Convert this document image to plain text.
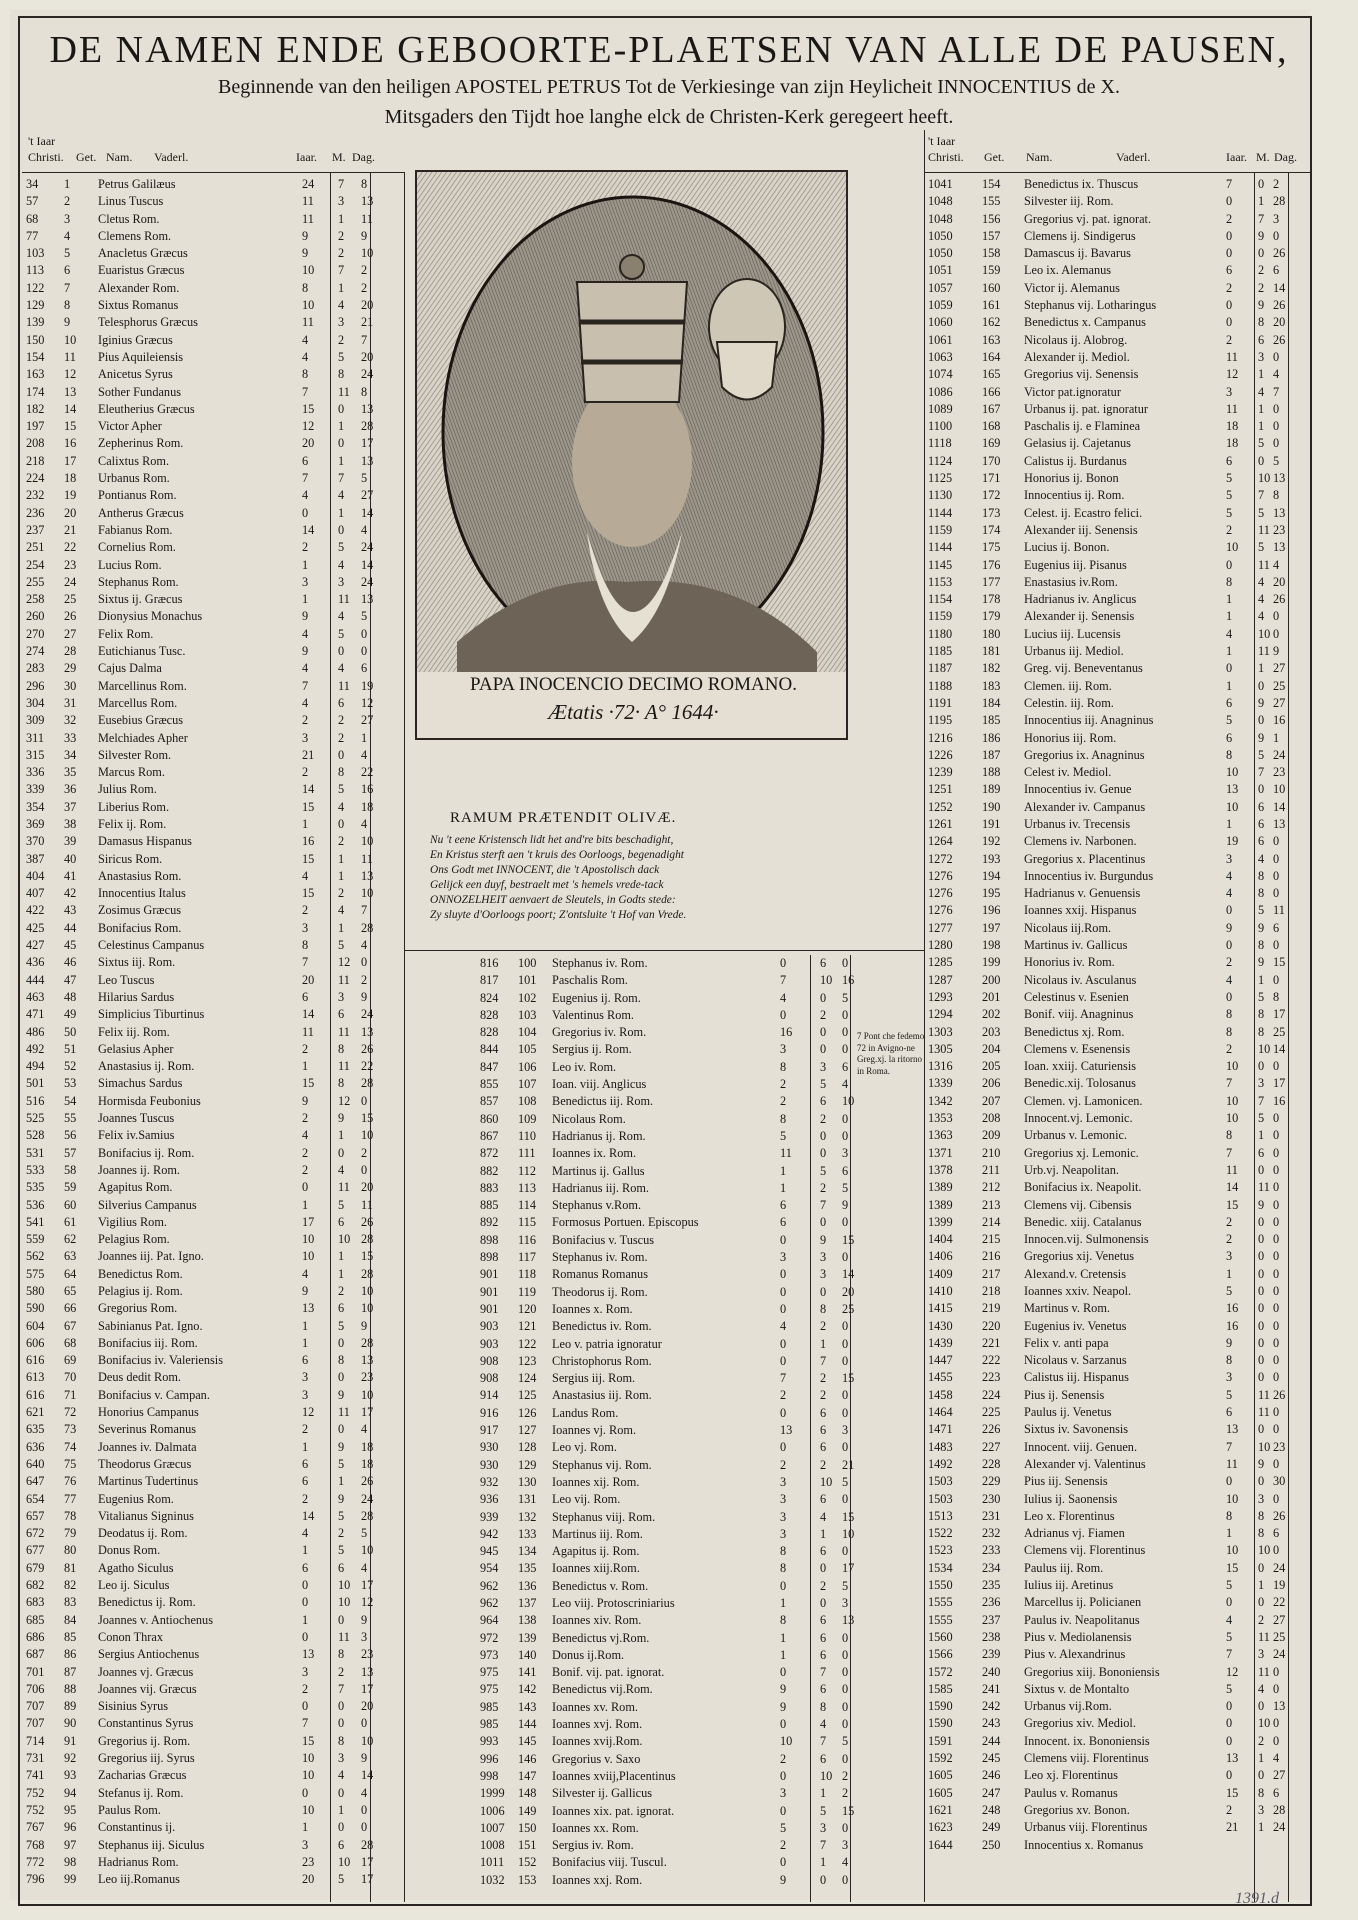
DE NAMEN ENDE GEBOORTE-PLAETSEN VAN ALLE DE PAUSEN,
Beginnende van den heiligen APOSTEL PETRUS Tot de Verkiesinge van zijn Heylicheit INNOCENTIUS de X.
Mitsgaders den Tijdt hoe langhe elck de Christen-Kerk geregeert heeft.
't Iaar
Christi. Get. Nam. Vaderl.	Iaar. M. Dag.
't Iaar
Christi. Get. Nam.	Vaderl.	Iaar. M. Dag.
PAPA INOCENCIO DECIMO ROMANO.
Ætatis ·72· A° 1644·
RAMUM PRÆTENDIT OLIVÆ.
Nu 't eene Kristensch lidt het and're bits beschadight,
En Kristus sterft aen 't kruis des Oorloogs, begenadight
Ons Godt met INNOCENT, die 't Apostolisch dack
Gelijck een duyf, bestraelt met 's hemels vrede-tack
ONNOZELHEIT aenvaert de Sleutels, in Godts stede:
Zy sluyte d'Oorloogs poort; Z'ontsluite 't Hof van Vrede.
7 Pont che fedemo 72 in Avigno-ne Greg.xj. la ritorno in Roma.
34 1 Petrus Galilæus	24 7 8
57 2 Linus Tuscus	11 3 13
68 3 Cletus Rom.	11 1 11
77 4 Clemens Rom.	9 2 9
103 5 Anacletus Græcus	9 2 10
113 6 Euaristus Græcus	10 7 2
122 7 Alexander Rom.	8 1 2
129 8 Sixtus Romanus	10 4 20
139 9 Telesphorus Græcus	11 3 21
150 10 Iginius Græcus	4 2 7
154 11 Pius Aquileiensis	4 5 20
163 12 Anicetus Syrus	8 8 24
174 13 Sother Fundanus	7 11 8
182 14 Eleutherius Græcus	15 0 13
197 15 Victor Apher	12 1 28
208 16 Zepherinus Rom.	20 0 17
218 17 Calixtus Rom.	6 1 13
224 18 Urbanus Rom.	7 7 5
232 19 Pontianus Rom.	4 4 27
236 20 Antherus Græcus	0 1 14
237 21 Fabianus Rom.	14 0 4
251 22 Cornelius Rom.	2 5 24
254 23 Lucius Rom.	1 4 14
255 24 Stephanus Rom.	3 3 24
258 25 Sixtus ij. Græcus	1 11 13
260 26 Dionysius Monachus	9 4 5
270 27 Felix Rom.	4 5 0
274 28 Eutichianus Tusc.	9 0 0
283 29 Cajus Dalma	4 4 6
296 30 Marcellinus Rom.	7 11 19
304 31 Marcellus Rom.	4 6 12
309 32 Eusebius Græcus	2 2 27
311 33 Melchiades Apher	3 2 1
315 34 Silvester Rom.	21 0 4
336 35 Marcus Rom.	2 8 22
339 36 Julius Rom.	14 5 16
354 37 Liberius Rom.	15 4 18
369 38 Felix ij. Rom.	1 0 4
370 39 Damasus Hispanus	16 2 10
387 40 Siricus Rom.	15 1 11
404 41 Anastasius Rom.	4 1 13
407 42 Innocentius Italus	15 2 10
422 43 Zosimus Græcus	2 4 7
425 44 Bonifacius Rom.	3 1 28
427 45 Celestinus Campanus	8 5 4
436 46 Sixtus iij. Rom.	7 12 0
444 47 Leo Tuscus	20 11 2
463 48 Hilarius Sardus	6 3 9
471 49 Simplicius Tiburtinus	14 6 24
486 50 Felix iij. Rom.	11 11 13
492 51 Gelasius Apher	2 8 26
494 52 Anastasius ij. Rom.	1 11 22
501 53 Simachus Sardus	15 8 28
516 54 Hormisda Feubonius	9 12 0
525 55 Joannes Tuscus	2 9 15
528 56 Felix iv.Samius	4 1 10
531 57 Bonifacius ij. Rom.	2 0 2
533 58 Joannes ij. Rom.	2 4 0
535 59 Agapitus Rom.	0 11 20
536 60 Silverius Campanus	1 5 11
541 61 Vigilius Rom.	17 6 26
559 62 Pelagius Rom.	10 10 28
562 63 Joannes iij. Pat. Igno.	10 1 15
575 64 Benedictus Rom.	4 1 28
580 65 Pelagius ij. Rom.	9 2 10
590 66 Gregorius Rom.	13 6 10
604 67 Sabinianus Pat. Igno.	1 5 9
606 68 Bonifacius iij. Rom.	1 0 28
616 69 Bonifacius iv. Valeriensis	6 8 13
613 70 Deus dedit Rom.	3 0 23
616 71 Bonifacius v. Campan.	3 9 10
621 72 Honorius Campanus	12 11 17
635 73 Severinus Romanus	2 0 4
636 74 Joannes iv. Dalmata	1 9 18
640 75 Theodorus Græcus	6 5 18
647 76 Martinus Tudertinus	6 1 26
654 77 Eugenius Rom.	2 9 24
657 78 Vitalianus Signinus	14 5 28
672 79 Deodatus ij. Rom.	4 2 5
677 80 Donus Rom.	1 5 10
679 81 Agatho Siculus	6 6 4
682 82 Leo ij. Siculus	0 10 17
683 83 Benedictus ij. Rom.	0 10 12
685 84 Joannes v. Antiochenus	1 0 9
686 85 Conon Thrax	0 11 3
687 86 Sergius Antiochenus	13 8 23
701 87 Joannes vj. Græcus	3 2 13
706 88 Joannes vij. Græcus	2 7 17
707 89 Sisinius Syrus	0 0 20
707 90 Constantinus Syrus	7 0 0
714 91 Gregorius ij. Rom.	15 8 10
731 92 Gregorius iij. Syrus	10 3 9
741 93 Zacharias Græcus	10 4 14
752 94 Stefanus ij. Rom.	0 0 4
752 95 Paulus Rom.	10 1 0
767 96 Constantinus ij.	1 0 0
768 97 Stephanus iij. Siculus	3 6 28
772 98 Hadrianus Rom.	23 10 17
796 99 Leo iij.Romanus	20 5 17
816 100 Stephanus iv. Rom.	0	6 0
817 101 Paschalis Rom.	7	10 16
824 102 Eugenius ij. Rom.	4	0 5
828 103 Valentinus Rom.	0	2 0
828 104 Gregorius iv. Rom.	16 0 0
844 105 Sergius ij. Rom.	3	0 0
847 106 Leo iv. Rom.	8	3 6
855 107 Ioan. viij. Anglicus	2	5 4
857 108 Benedictus iij. Rom.	2	6 10
860 109 Nicolaus Rom.	8	2 0
867 110 Hadrianus ij. Rom.	5	0 0
872 111 Ioannes ix. Rom.	11 0 3
882 112 Martinus ij. Gallus	1	5 6
883 113 Hadrianus iij. Rom.	1	2 5
885 114 Stephanus v.Rom.	6	7 9
892 115 Formosus Portuen. Episcopus	6	0 0
898 116 Bonifacius v. Tuscus	0	9 15
898 117 Stephanus iv. Rom.	3	3 0
901 118 Romanus Romanus	0	3 14
901 119 Theodorus ij. Rom.	0	0 20
901 120 Ioannes x. Rom.	0	8 25
903 121 Benedictus iv. Rom.	4	2 0
903 122 Leo v. patria ignoratur	0	1 0
908 123 Christophorus Rom.	0	7 0
908 124 Sergius iij. Rom.	7	2 15
914 125 Anastasius iij. Rom.	2	2 0
916 126 Landus Rom.	0	6 0
917 127 Ioannes vj. Rom.	13 6 3
930 128 Leo vj. Rom.	0	6 0
930 129 Stephanus vij. Rom.	2	2 21
932 130 Ioannes xij. Rom.	3	10 5
936 131 Leo vij. Rom.	3	6 0
939 132 Stephanus viij. Rom.	3	4 15
942 133 Martinus iij. Rom.	3	1 10
945 134 Agapitus ij. Rom.	8	6 0
954 135 Ioannes xiij.Rom.	8	0 17
962 136 Benedictus v. Rom.	0	2 5
962 137 Leo viij. Protoscriniarius	1	0 3
964 138 Ioannes xiv. Rom.	8	6 13
972 139 Benedictus vj.Rom.	1	6 0
973 140 Donus ij.Rom.	1	6 0
975 141 Bonif. vij. pat. ignorat.	0	7 0
975 142 Benedictus vij.Rom.	9	6 0
985 143 Ioannes xv. Rom.	9	8 0
985 144 Ioannes xvj. Rom.	0	4 0
993 145 Ioannes xvij.Rom.	10 7 5
996 146 Gregorius v. Saxo	2	6 0
998 147 Ioannes xviij,Placentinus	0	10 2
1999 148 Silvester ij. Gallicus	3	1 2
1006 149 Ioannes xix. pat. ignorat.	0	5 15
1007 150 Ioannes xx. Rom.	5	3 0
1008 151 Sergius iv. Rom.	2	7 3
1011 152 Bonifacius viij. Tuscul.	0	1 4
1032 153 Ioannes xxj. Rom.	9	0 0
1041 154 Benedictus ix. Thuscus	7 0 2
1048 155 Silvester iij. Rom.	0 1 28
1048 156 Gregorius vj. pat. ignorat.	2 7 3
1050 157 Clemens ij. Sindigerus	0 9 0
1050 158 Damascus ij. Bavarus	0 0 26
1051 159 Leo ix. Alemanus	6 2 6
1057 160 Victor ij. Alemanus	2 2 14
1059 161 Stephanus vij. Lotharingus	0 9 26
1060 162 Benedictus x. Campanus	0 8 20
1061 163 Nicolaus ij. Alobrog.	2 6 26
1063 164 Alexander ij. Mediol.	11 3 0
1074 165 Gregorius vij. Senensis	12 1 4
1086 166 Victor pat.ignoratur	3 4 7
1089 167 Urbanus ij. pat. ignoratur	11 1 0
1100 168 Paschalis ij. e Flaminea	18 1 0
1118 169 Gelasius ij. Cajetanus	18 5 0
1124 170 Calistus ij. Burdanus	6 0 5
1125 171 Honorius ij. Bonon	5 10 13
1130 172 Innocentius ij. Rom.	5 7 8
1144 173 Celest. ij. Ecastro felici.	5 5 13
1159 174 Alexander iij. Senensis	2 11 23
1144 175 Lucius ij. Bonon.	10 5 13
1145 176 Eugenius iij. Pisanus	0 11 4
1153 177 Enastasius iv.Rom.	8 4 20
1154 178 Hadrianus iv. Anglicus	1 4 26
1159 179 Alexander ij. Senensis	1 4 0
1180 180 Lucius iij. Lucensis	4 10 0
1185 181 Urbanus iij. Mediol.	1 11 9
1187 182 Greg. vij. Beneventanus	0 1 27
1188 183 Clemen. iij. Rom.	1 0 25
1191 184 Celestin. iij. Rom.	6 9 27
1195 185 Innocentius iij. Anagninus	5 0 16
1216 186 Honorius iij. Rom.	6 9 1
1226 187 Gregorius ix. Anagninus	8 5 24
1239 188 Celest iv. Mediol.	10 7 23
1251 189 Innocentius iv. Genue	13 0 10
1252 190 Alexander iv. Campanus	10 6 14
1261 191 Urbanus iv. Trecensis	1 6 13
1264 192 Clemens iv. Narbonen.	19 6 0
1272 193 Gregorius x. Placentinus	3 4 0
1276 194 Innocentius iv. Burgundus	4 8 0
1276 195 Hadrianus v. Genuensis	4 8 0
1276 196 Ioannes xxij. Hispanus	0 5 11
1277 197 Nicolaus iij.Rom.	9 9 6
1280 198 Martinus iv. Gallicus	0 8 0
1285 199 Honorius iv. Rom.	2 9 15
1287 200 Nicolaus iv. Asculanus	4 1 0
1293 201 Celestinus v. Esenien	0 5 8
1294 202 Bonif. viij. Anagninus	8 8 17
1303 203 Benedictus xj. Rom.	8 8 25
1305 204 Clemens v. Esenensis	2 10 14
1316 205 Ioan. xxiij. Caturiensis	10 0 0
1339 206 Benedic.xij. Tolosanus	7 3 17
1342 207 Clemen. vj. Lamonicen.	10 7 16
1353 208 Innocent.vj. Lemonic.	10 5 0
1363 209 Urbanus v. Lemonic.	8 1 0
1371 210 Gregorius xj. Lemonic.	7 6 0
1378 211 Urb.vj. Neapolitan.	11 0 0
1389 212 Bonifacius ix. Neapolit.	14 11 0
1389 213 Clemens vij. Cibensis	15 9 0
1399 214 Benedic. xiij. Catalanus	2 0 0
1404 215 Innocen.vij. Sulmonensis	2 0 0
1406 216 Gregorius xij. Venetus	3 0 0
1409 217 Alexand.v. Cretensis	1 0 0
1410 218 Ioannes xxiv. Neapol.	5 0 0
1415 219 Martinus v. Rom.	16 0 0
1430 220 Eugenius iv. Venetus	16 0 0
1439 221 Felix v. anti papa	9 0 0
1447 222 Nicolaus v. Sarzanus	8 0 0
1455 223 Calistus iij. Hispanus	3 0 0
1458 224 Pius ij. Senensis	5 11 26
1464 225 Paulus ij. Venetus	6 11 0
1471 226 Sixtus iv. Savonensis	13 0 0
1483 227 Innocent. viij. Genuen.	7 10 23
1492 228 Alexander vj. Valentinus	11 9 0
1503 229 Pius iij. Senensis	0 0 30
1503 230 Iulius ij. Saonensis	10 3 0
1513 231 Leo x. Florentinus	8 8 26
1522 232 Adrianus vj. Fiamen	1 8 6
1523 233 Clemens vij. Florentinus	10 10 0
1534 234 Paulus iij. Rom.	15 0 24
1550 235 Iulius iij. Aretinus	5 1 19
1555 236 Marcellus ij. Policianen	0 0 22
1555 237 Paulus iv. Neapolitanus	4 2 27
1560 238 Pius v. Mediolanensis	5 11 25
1566 239 Pius v. Alexandrinus	7 3 24
1572 240 Gregorius xiij. Bononiensis	12 11 0
1585 241 Sixtus v. de Montalto	5 4 0
1590 242 Urbanus vij.Rom.	0 0 13
1590 243 Gregorius xiv. Mediol.	0 10 0
1591 244 Innocent. ix. Bononiensis	0 2 0
1592 245 Clemens viij. Florentinus	13 1 4
1605 246 Leo xj. Florentinus	0 0 27
1605 247 Paulus v. Romanus	15 8 6
1621 248 Gregorius xv. Bonon.	2 3 28
1623 249 Urbanus viij. Florentinus	21 1 24
1644 250 Innocentius x. Romanus
1391.d
